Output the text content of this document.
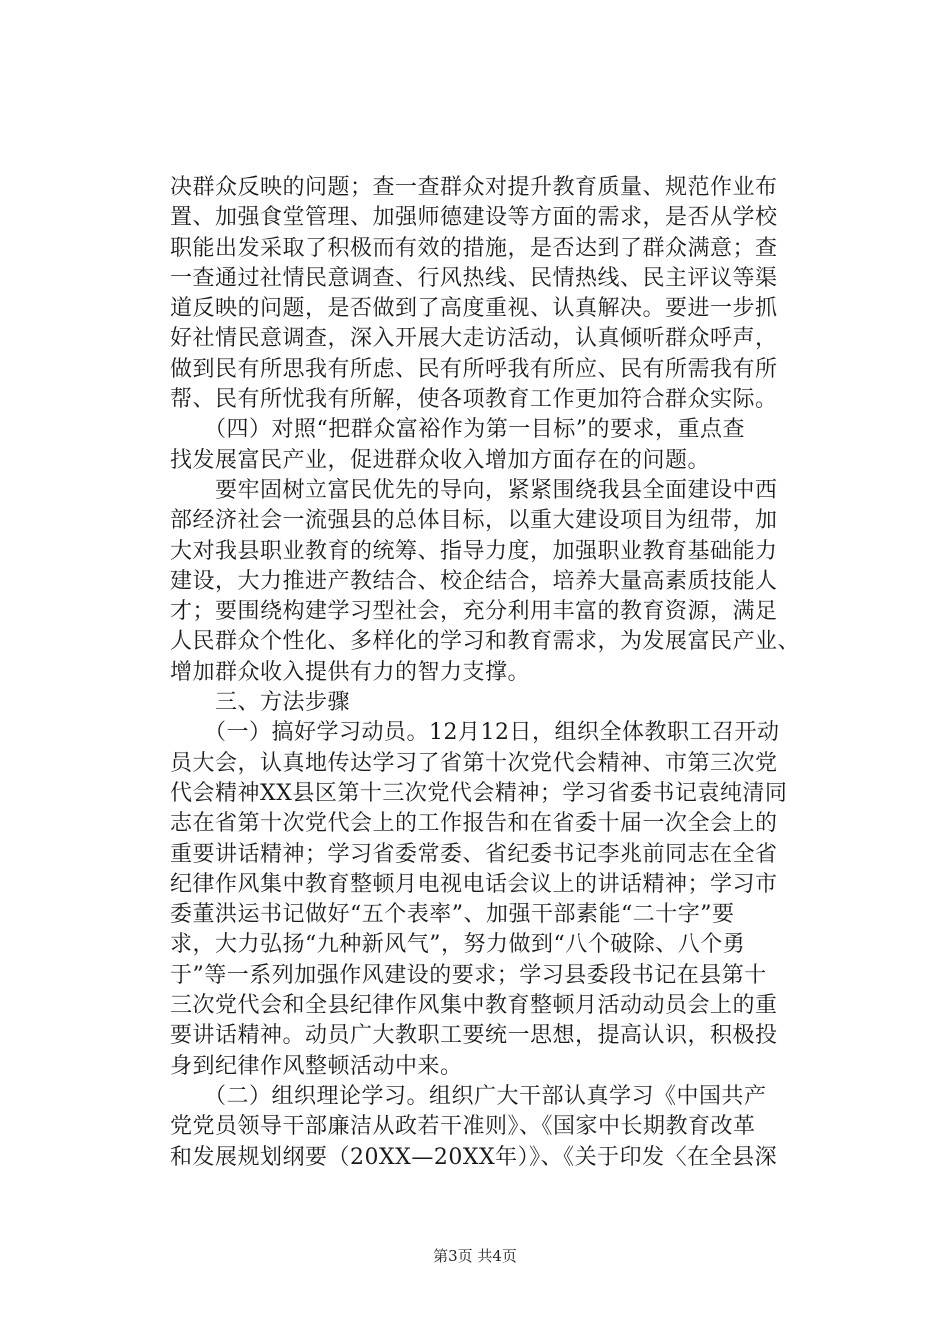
决群众反映的问题；查一查群众对提升教育质量、规范作业布
置、加强食堂管理、加强师德建设等方面的需求，是否从学校
职能出发采取了积极而有效的措施，是否达到了群众满意；查
一查通过社情民意调查、行风热线、民情热线、民主评议等渠
道反映的问题，是否做到了高度重视、认真解决。要进一步抓
好社情民意调查，深入开展大走访活动，认真倾听群众呼声，
做到民有所思我有所虑、民有所呼我有所应、民有所需我有所
帮、民有所忧我有所解，使各项教育工作更加符合群众实际。
　　（四）对照“把群众富裕作为第一目标”的要求，重点查
找发展富民产业，促进群众收入增加方面存在的问题。
　　要牢固树立富民优先的导向，紧紧围绕我县全面建设中西
部经济社会一流强县的总体目标，以重大建设项目为纽带，加
大对我县职业教育的统筹、指导力度，加强职业教育基础能力
建设，大力推进产教结合、校企结合，培养大量高素质技能人
才；要围绕构建学习型社会，充分利用丰富的教育资源，满足
人民群众个性化、多样化的学习和教育需求，为发展富民产业、
增加群众收入提供有力的智力支撑。
　　三、方法步骤
　　（一）搞好学习动员。12月12日，组织全体教职工召开动
员大会，认真地传达学习了省第十次党代会精神、市第三次党
代会精神XX县区第十三次党代会精神；学习省委书记袁纯清同
志在省第十次党代会上的工作报告和在省委十届一次全会上的
重要讲话精神；学习省委常委、省纪委书记李兆前同志在全省
纪律作风集中教育整顿月电视电话会议上的讲话精神；学习市
委董洪运书记做好“五个表率”、加强干部素能“二十字”要
求，大力弘扬“九种新风气”，努力做到“八个破除、八个勇
于”等一系列加强作风建设的要求；学习县委段书记在县第十
三次党代会和全县纪律作风集中教育整顿月活动动员会上的重
要讲话精神。动员广大教职工要统一思想，提高认识，积极投
身到纪律作风整顿活动中来。
　　（二）组织理论学习。组织广大干部认真学习《中国共产
党党员领导干部廉洁从政若干准则》、《国家中长期教育改革
和发展规划纲要（20XX—20XX年）》、《关于印发〈在全县深
第3页 共4页
